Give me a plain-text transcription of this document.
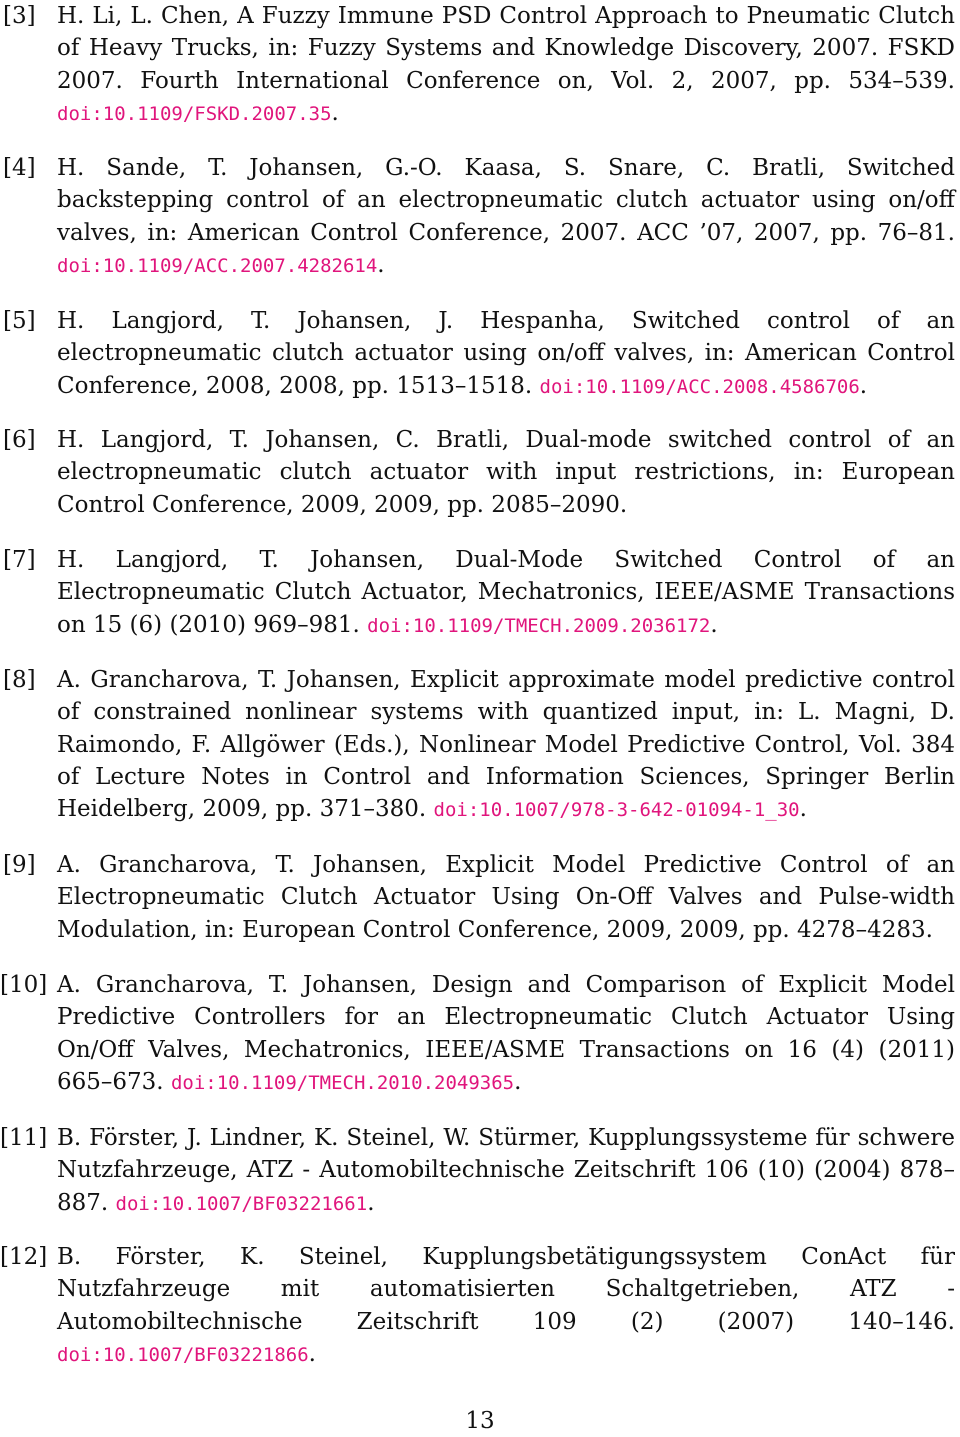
[3] H. Li, L. Chen, A Fuzzy Immune PSD Control Approach to Pneumatic Clutch of Heavy Trucks, in: Fuzzy Systems and Knowledge Discovery, 2007. FSKD 2007. Fourth International Conference on, Vol. 2, 2007, pp. 534–539. doi:10.1109/FSKD.2007.35.
[4] H. Sande, T. Johansen, G.-O. Kaasa, S. Snare, C. Bratli, Switched backstepping control of an electropneumatic clutch actuator using on/off valves, in: American Control Conference, 2007. ACC ’07, 2007, pp. 76–81. doi:10.1109/ACC.2007.4282614.
[5] H. Langjord, T. Johansen, J. Hespanha, Switched control of an electropneumatic clutch actuator using on/off valves, in: American Control Conference, 2008, 2008, pp. 1513–1518. doi:10.1109/ACC.2008.4586706.
[6] H. Langjord, T. Johansen, C. Bratli, Dual-mode switched control of an electropneumatic clutch actuator with input restrictions, in: European Control Conference, 2009, 2009, pp. 2085–2090.
[7] H. Langjord, T. Johansen, Dual-Mode Switched Control of an Electropneumatic Clutch Actuator, Mechatronics, IEEE/ASME Transactions on 15 (6) (2010) 969–981. doi:10.1109/TMECH.2009.2036172.
[8] A. Grancharova, T. Johansen, Explicit approximate model predictive control of constrained nonlinear systems with quantized input, in: L. Magni, D. Raimondo, F. Allgöwer (Eds.), Nonlinear Model Predictive Control, Vol. 384 of Lecture Notes in Control and Information Sciences, Springer Berlin Heidelberg, 2009, pp. 371–380. doi:10.1007/978-3-642-01094-1_30.
[9] A. Grancharova, T. Johansen, Explicit Model Predictive Control of an Electropneumatic Clutch Actuator Using On-Off Valves and Pulse-width Modulation, in: European Control Conference, 2009, 2009, pp. 4278–4283.
[10] A. Grancharova, T. Johansen, Design and Comparison of Explicit Model Predictive Controllers for an Electropneumatic Clutch Actuator Using On/Off Valves, Mechatronics, IEEE/ASME Transactions on 16 (4) (2011) 665–673. doi:10.1109/TMECH.2010.2049365.
[11] B. Förster, J. Lindner, K. Steinel, W. Stürmer, Kupplungssysteme für schwere Nutzfahrzeuge, ATZ - Automobiltechnische Zeitschrift 106 (10) (2004) 878–887. doi:10.1007/BF03221661.
[12] B. Förster, K. Steinel, Kupplungsbetätigungssystem ConAct für Nutzfahrzeuge mit automatisierten Schaltgetrieben, ATZ - Automobiltechnische Zeitschrift 109 (2) (2007) 140–146. doi:10.1007/BF03221866.
13
